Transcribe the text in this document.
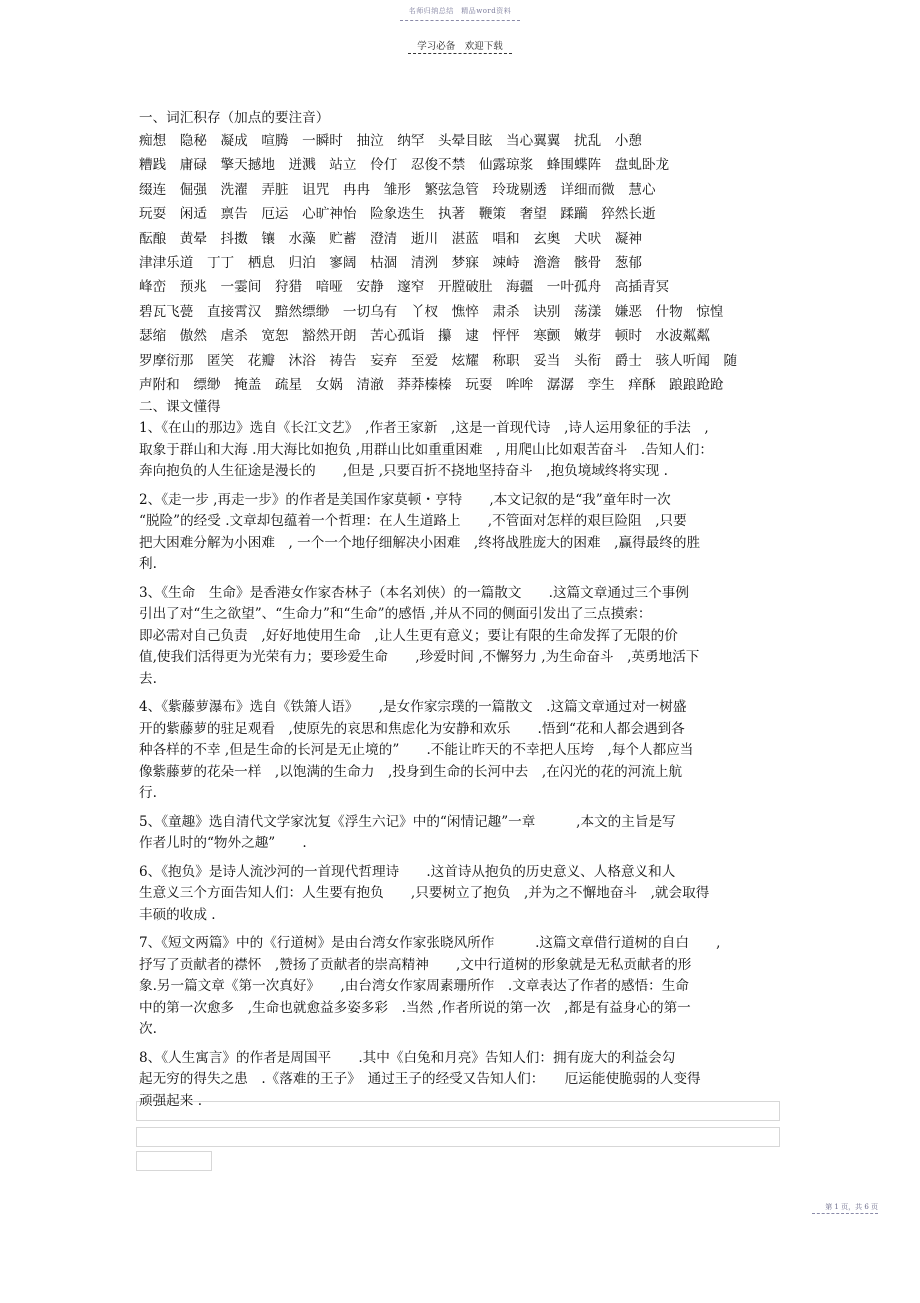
名师归纳总结　精品word资料
学习必备　欢迎下载
一、词汇积存（加点的要注音）
痴想　隐秘　凝成　喧腾　一瞬时　抽泣　纳罕　头晕目眩　当心翼翼　扰乱　小憩
糟践　庸碌　擎天撼地　迸溅　站立　伶仃　忍俊不禁　仙露琼浆　蜂围蝶阵　盘虬卧龙
缀连　倔强　洗濯　弄脏　诅咒　冉冉　雏形　繁弦急管　玲珑剔透　详细而微　慧心
玩耍　闲适　禀告　厄运　心旷神怡　险象迭生　执著　鞭策　奢望　蹂躏　猝然长逝
酝酿　黄晕　抖擞　镶　水藻　贮蓄　澄清　逝川　湛蓝　唱和　玄奥　犬吠　凝神
津津乐道　丁丁　栖息　归泊　寥阔　枯涸　清洌　梦寐　竦峙　澹澹　骸骨　葱郁
峰峦　预兆　一霎间　狩猎　喑哑　安静　邃窄　开膛破肚　海疆　一叶孤舟　高插青冥
碧瓦飞甍　直接霄汉　黯然缥缈　一切乌有　丫杈　憔悴　肃杀　诀别　荡漾　嫌恶　什物　惊惶
瑟缩　傲然　虐杀　宽恕　豁然开朗　苦心孤诣　攥　逮　怦怦　寒颤　嫩芽　顿时　水波粼粼
罗摩衍那　匿笑　花瓣　沐浴　祷告　妄弃　至爱　炫耀　称职　妥当　头衔　爵士　骇人听闻　随
声附和　缥缈　掩盖　疏星　女娲　清澈　莽莽榛榛　玩耍　哞哞　潺潺　孪生　痒酥　踉踉跄跄
二、课文懂得
1、《在山的那边》选自《长江文艺》　,作者王家新　,这是一首现代诗　,诗人运用象征的手法　,
取象于群山和大海 .用大海比如抱负 ,用群山比如重重困难　, 用爬山比如艰苦奋斗　.告知人们：
奔向抱负的人生征途是漫长的　　,但是 ,只要百折不挠地坚持奋斗　,抱负境域终将实现 .
2、《走一步 ,再走一步》的作者是美国作家莫顿・亨特　　,本文记叙的是“我”童年时一次
“脱险”的经受 .文章却包蕴着一个哲理：在人生道路上　　,不管面对怎样的艰巨险阻　,只要
把大困难分解为小困难　, 一个一个地仔细解决小困难　,终将战胜庞大的困难　,赢得最终的胜
利.
3、《生命　生命》是香港女作家杏林子（本名刘侠）的一篇散文　　.这篇文章通过三个事例
引出了对“生之欲望”、“生命力”和“生命”的感悟 ,并从不同的侧面引发出了三点摸索：
即必需对自己负责　,好好地使用生命　,让人生更有意义；要让有限的生命发挥了无限的价
值,使我们活得更为光荣有力；要珍爱生命　　,珍爱时间 ,不懈努力 ,为生命奋斗　,英勇地活下
去.
4、《紫藤萝瀑布》选自《铁箫人语》　　,是女作家宗璞的一篇散文　.这篇文章通过对一树盛
开的紫藤萝的驻足观看　,使原先的哀思和焦虑化为安静和欢乐　　.悟到“花和人都会遇到各
种各样的不幸 ,但是生命的长河是无止境的”　　.不能让昨天的不幸把人压垮　,每个人都应当
像紫藤萝的花朵一样　,以饱满的生命力　,投身到生命的长河中去　,在闪光的花的河流上航
行.
5、《童趣》选自清代文学家沈复《浮生六记》中的“闲情记趣”一章　　　,本文的主旨是写
作者儿时的“物外之趣”　　.
6、《抱负》是诗人流沙河的一首现代哲理诗　　.这首诗从抱负的历史意义、人格意义和人
生意义三个方面告知人们：人生要有抱负　　,只要树立了抱负　,并为之不懈地奋斗　,就会取得
丰硕的收成 .
7、《短文两篇》中的《行道树》是由台湾女作家张晓风所作　　　.这篇文章借行道树的自白　　,
抒写了贡献者的襟怀　,赞扬了贡献者的崇高精神　　,文中行道树的形象就是无私贡献者的形
象.另一篇文章《第一次真好》　　,由台湾女作家周素珊所作　.文章表达了作者的感悟：生命
中的第一次愈多　,生命也就愈益多姿多彩　.当然 ,作者所说的第一次　,都是有益身心的第一
次.
8、《人生寓言》的作者是周国平　　.其中《白兔和月亮》告知人们：拥有庞大的利益会勾
起无穷的得失之患　.《落难的王子》　通过王子的经受又告知人们：　　厄运能使脆弱的人变得
顽强起来 .
第 1 页，共 6 页
